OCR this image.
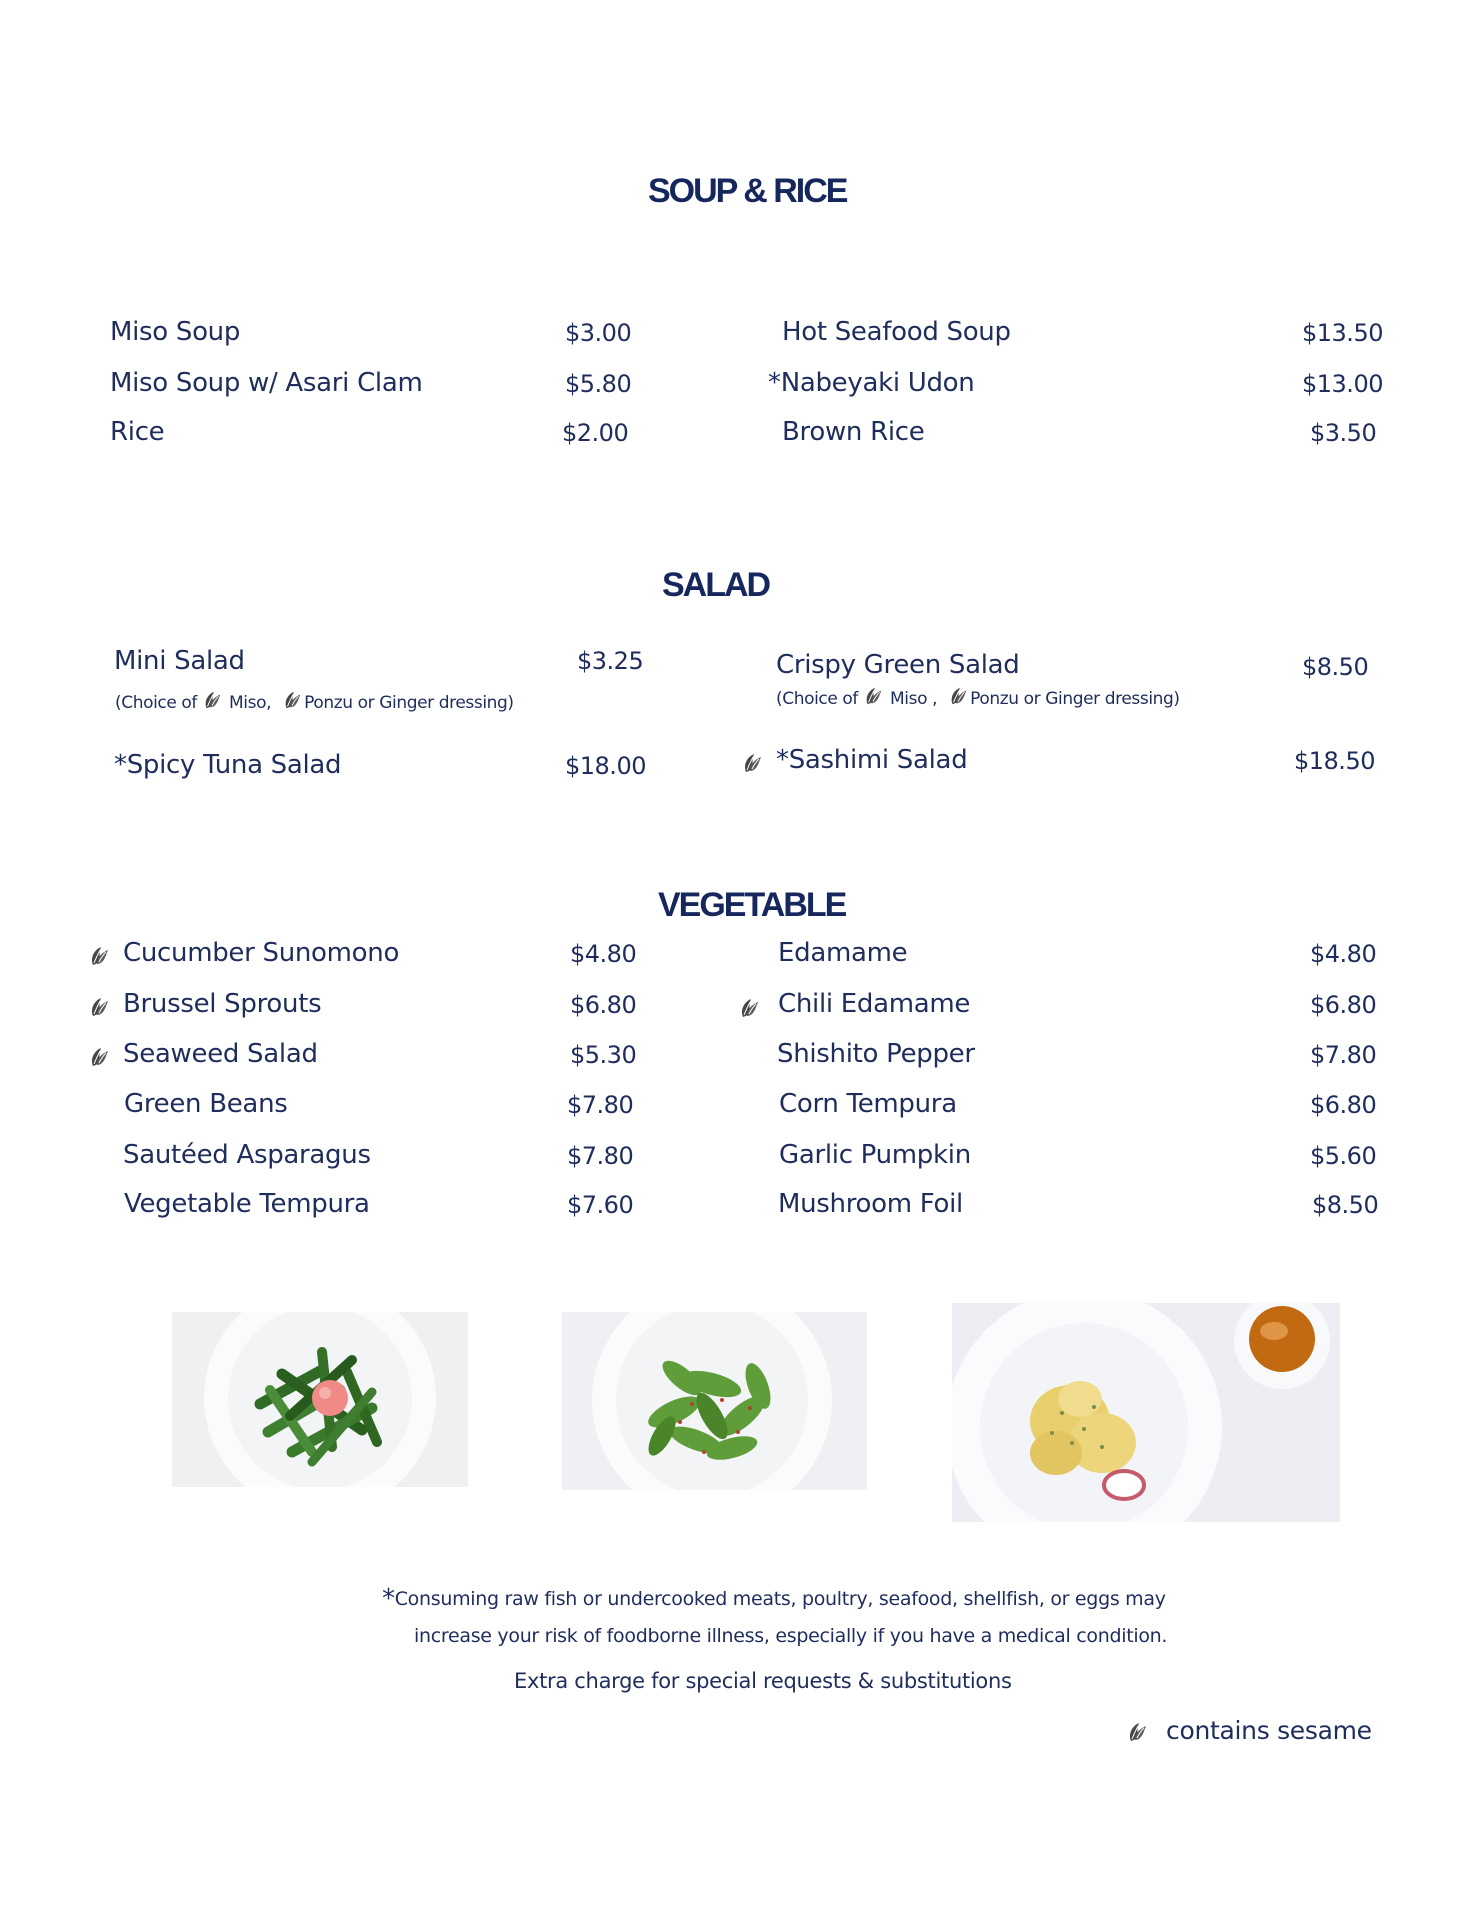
SOUP & RICE
Miso Soup	$3.00
Miso Soup w/ Asari Clam	$5.80
Rice	$2.00
Hot Seafood Soup	$13.50
*Nabeyaki Udon	$13.00
Brown Rice	$3.50
SALAD
Mini Salad	$3.25
(Choice of Miso, Ponzu or Ginger dressing)
Crispy Green Salad	$8.50
(Choice of Miso , Ponzu or Ginger dressing)
*Spicy Tuna Salad	$18.00	*Sashimi Salad	$18.50
VEGETABLE
Cucumber Sunomono	$4.80
Brussel Sprouts	$6.80
Seaweed Salad	$5.30
Green Beans	$7.80
Sautéed Asparagus	$7.80
Vegetable Tempura	$7.60
Edamame	$4.80
Chili Edamame	$6.80
Shishito Pepper	$7.80
Corn Tempura	$6.80
Garlic Pumpkin	$5.60
Mushroom Foil	$8.50
*Consuming raw fish or undercooked meats, poultry, seafood, shellfish, or eggs may
increase your risk of foodborne illness, especially if you have a medical condition.
Extra charge for special requests & substitutions
contains sesame
